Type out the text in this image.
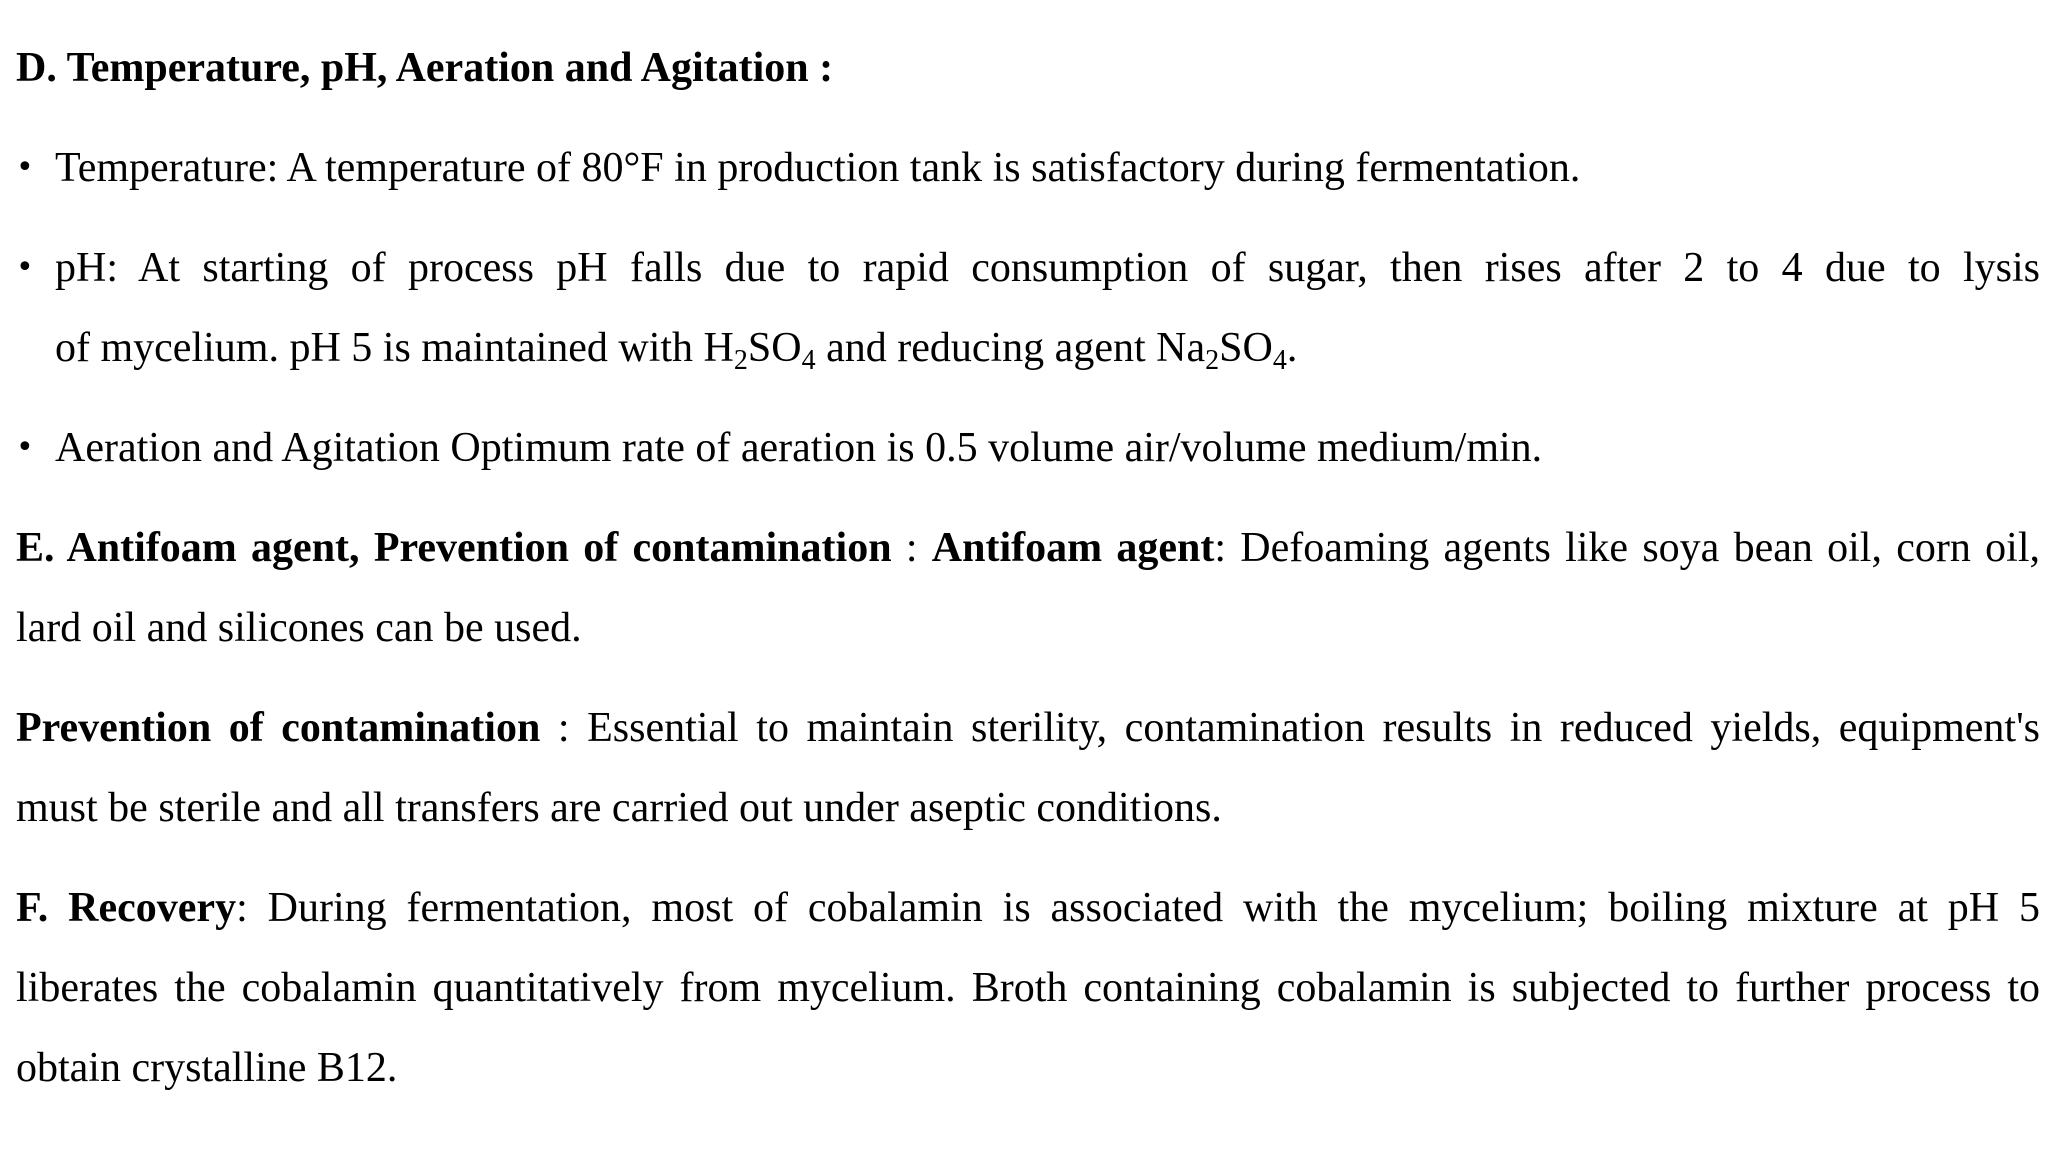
D. Temperature, pH, Aeration and Agitation :
• Temperature: A temperature of 80°F in production tank is satisfactory during fermentation.
• pH: At starting of process pH falls due to rapid consumption of sugar, then rises after 2 to 4 due to lysis
of mycelium. pH 5 is maintained with $H_2SO_4$ and reducing agent $Na_2SO_4$.
• Aeration and Agitation Optimum rate of aeration is 0.5 volume air/volume medium/min.
E. Antifoam agent, Prevention of contamination : Antifoam agent: Defoaming agents like soya bean oil, corn oil, lard oil and silicones can be used.
Prevention of contamination : Essential to maintain sterility, contamination results in reduced yields, equipment's must be sterile and all transfers are carried out under aseptic conditions.
F. Recovery: During fermentation, most of cobalamin is associated with the mycelium; boiling mixture at pH 5 liberates the cobalamin quantitatively from mycelium. Broth containing cobalamin is subjected to further process to obtain crystalline B12.
